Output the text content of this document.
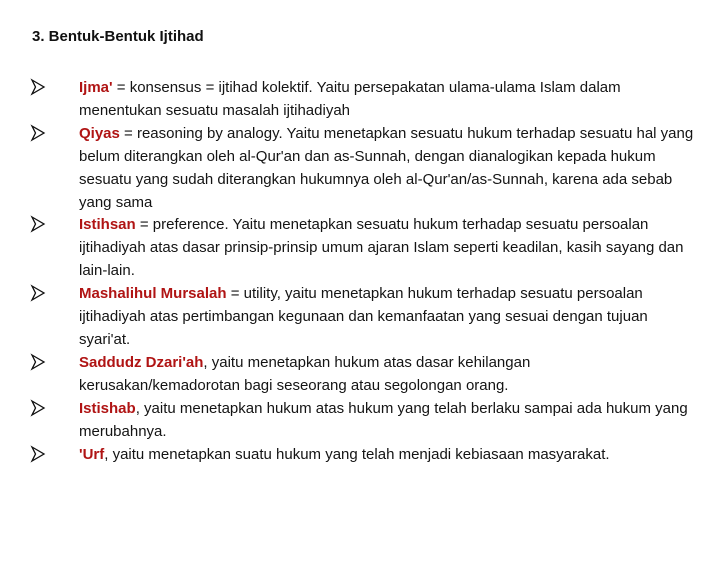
3. Bentuk-Bentuk Ijtihad
Ijma' = konsensus = ijtihad kolektif. Yaitu persepakatan ulama-ulama Islam dalam menentukan sesuatu masalah ijtihadiyah
Qiyas = reasoning by analogy. Yaitu menetapkan sesuatu hukum terhadap sesuatu hal yang belum diterangkan oleh al-Qur'an dan as-Sunnah, dengan dianalogikan kepada hukum sesuatu yang sudah diterangkan hukumnya oleh al-Qur'an/as-Sunnah, karena ada sebab yang sama
Istihsan = preference. Yaitu menetapkan sesuatu hukum terhadap sesuatu persoalan ijtihadiyah atas dasar prinsip-prinsip umum ajaran Islam seperti keadilan, kasih sayang dan lain-lain.
Mashalihul Mursalah = utility, yaitu menetapkan hukum terhadap sesuatu persoalan ijtihadiyah atas pertimbangan kegunaan dan kemanfaatan yang sesuai dengan tujuan syari'at.
Saddudz Dzari'ah, yaitu menetapkan hukum atas dasar kehilangan kerusakan/kemadorotan bagi seseorang atau segolongan orang.
Istishab, yaitu menetapkan hukum atas hukum yang telah berlaku sampai ada hukum yang merubahnya.
'Urf, yaitu menetapkan suatu hukum yang telah menjadi kebiasaan masyarakat.
